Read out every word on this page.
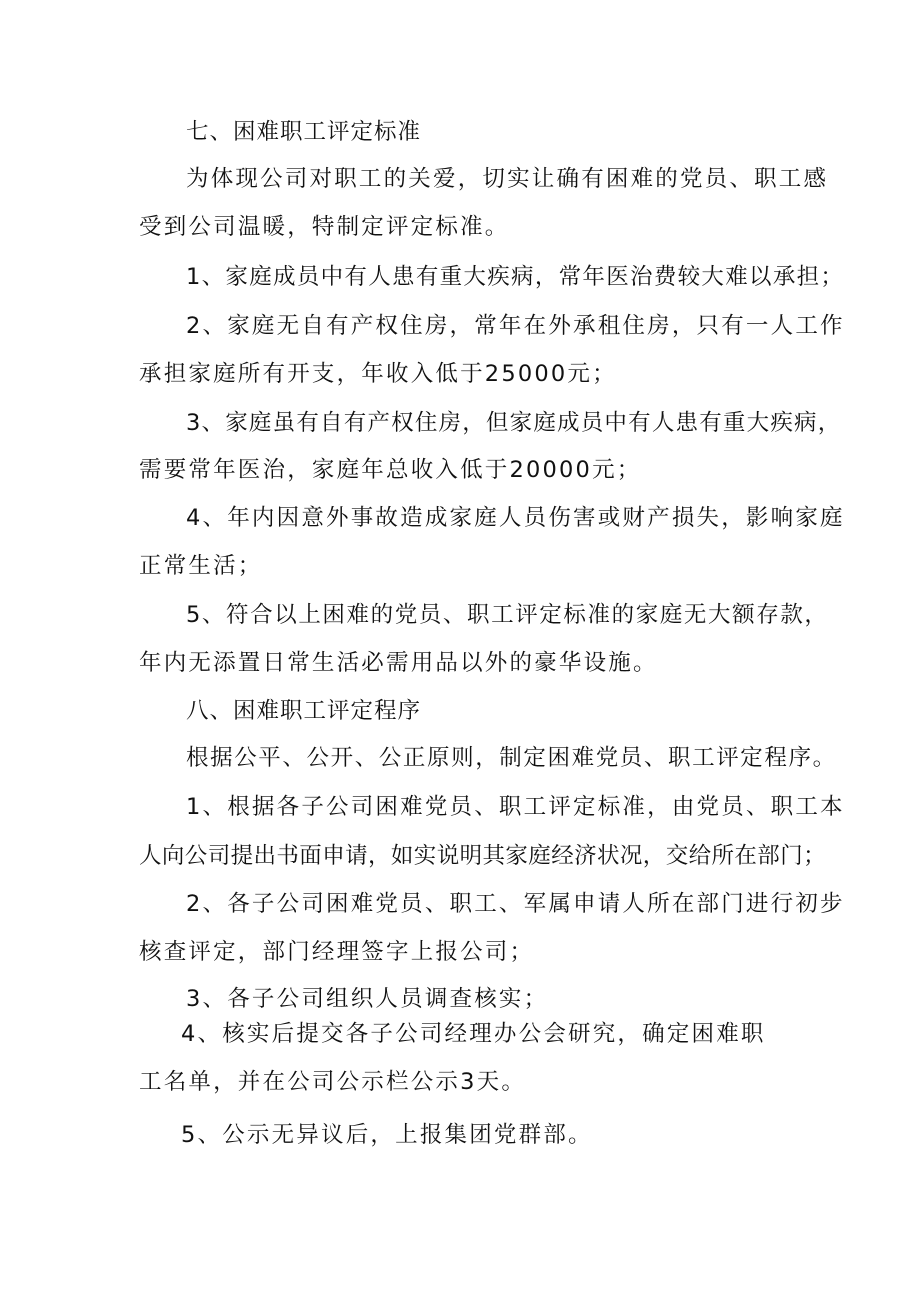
七、困难职工评定标准
为体现公司对职工的关爱，切实让确有困难的党员、职工感
受到公司温暖，特制定评定标准。
1、家庭成员中有人患有重大疾病，常年医治费较大难以承担；
2、家庭无自有产权住房，常年在外承租住房，只有一人工作
承担家庭所有开支，年收入低于25000元；
3、家庭虽有自有产权住房，但家庭成员中有人患有重大疾病，
需要常年医治，家庭年总收入低于20000元；
4、年内因意外事故造成家庭人员伤害或财产损失，影响家庭
正常生活；
5、符合以上困难的党员、职工评定标准的家庭无大额存款，
年内无添置日常生活必需用品以外的豪华设施。
八、困难职工评定程序
根据公平、公开、公正原则，制定困难党员、职工评定程序。
1、根据各子公司困难党员、职工评定标准，由党员、职工本
人向公司提出书面申请，如实说明其家庭经济状况，交给所在部门；
2、各子公司困难党员、职工、军属申请人所在部门进行初步
核查评定，部门经理签字上报公司；
3、各子公司组织人员调查核实；
4、核实后提交各子公司经理办公会研究，确定困难职
工名单，并在公司公示栏公示3天。
5、公示无异议后，上报集团党群部。
